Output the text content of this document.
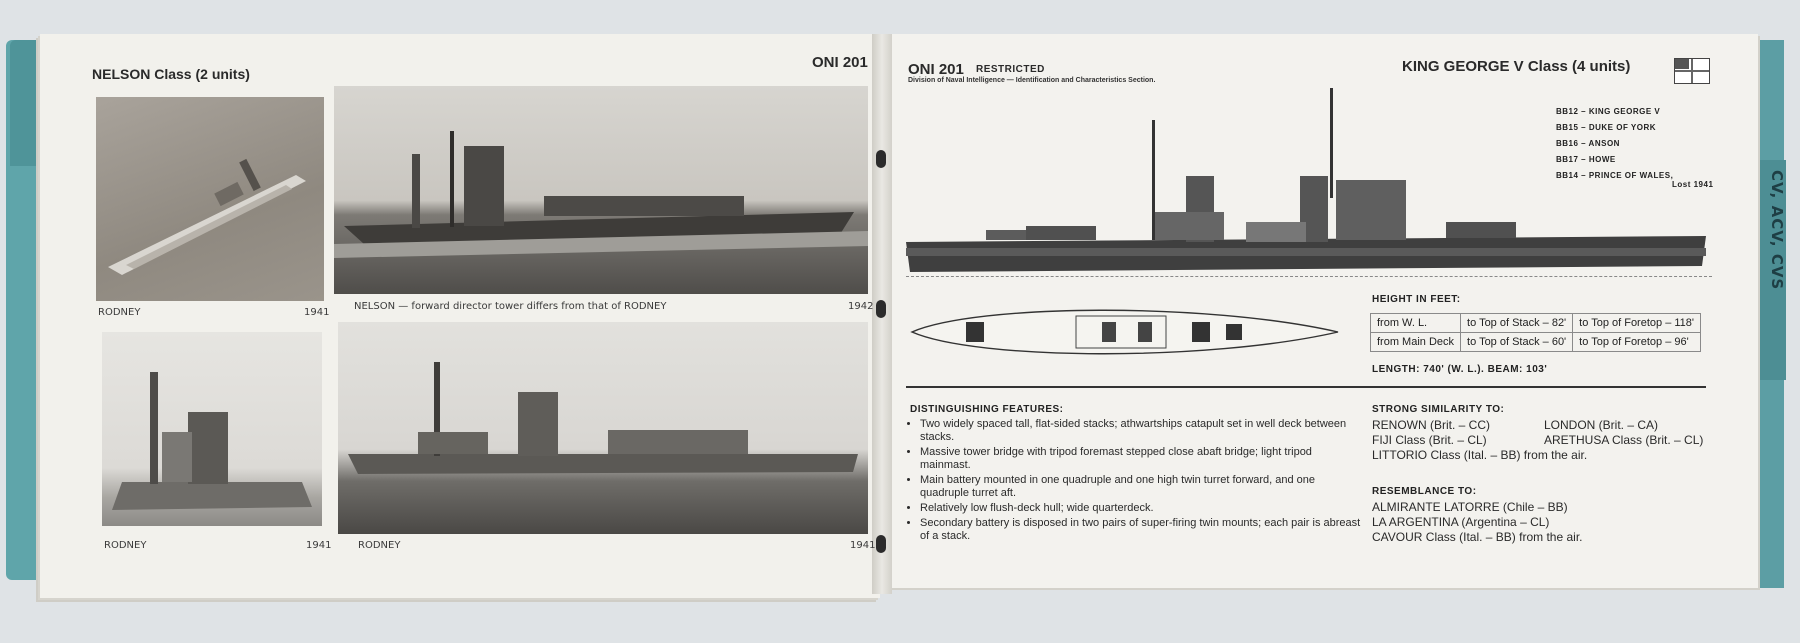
CV, ACV, CVS
NELSON Class (2 units)
ONI 201
RODNEY	1941
NELSON — forward director tower differs from that of RODNEY	1942
RODNEY	1941	RODNEY	1941
ONI 201 RESTRICTED
Division of Naval Intelligence — Identification and Characteristics Section.
KING GEORGE V Class (4 units)
BB12 – KING GEORGE V
BB15 – DUKE OF YORK
BB16 – ANSON
BB17 – HOWE
BB14 – PRINCE OF WALES,
Lost 1941
HEIGHT IN FEET:
from W. L.	to Top of Stack – 82'	to Top of Foretop – 118'
from Main Deck	to Top of Stack – 60'	to Top of Foretop – 96'
LENGTH: 740' (W. L.). BEAM: 103'
DISTINGUISHING FEATURES:
• Two widely spaced tall, flat-sided stacks; athwartships catapult set in well deck between stacks.
• Massive tower bridge with tripod foremast stepped close abaft bridge; light tripod mainmast.
• Main battery mounted in one quadruple and one high twin turret forward, and one quadruple turret aft.
• Relatively low flush-deck hull; wide quarterdeck.
• Secondary battery is disposed in two pairs of super-firing twin mounts; each pair is abreast of a stack.
STRONG SIMILARITY TO:
RENOWN (Brit. – CC)	LONDON (Brit. – CA)
FIJI Class (Brit. – CL)	ARETHUSA Class (Brit. – CL)
LITTORIO Class (Ital. – BB) from the air.
RESEMBLANCE TO:
ALMIRANTE LATORRE (Chile – BB)
LA ARGENTINA (Argentina – CL)
CAVOUR Class (Ital. – BB) from the air.
